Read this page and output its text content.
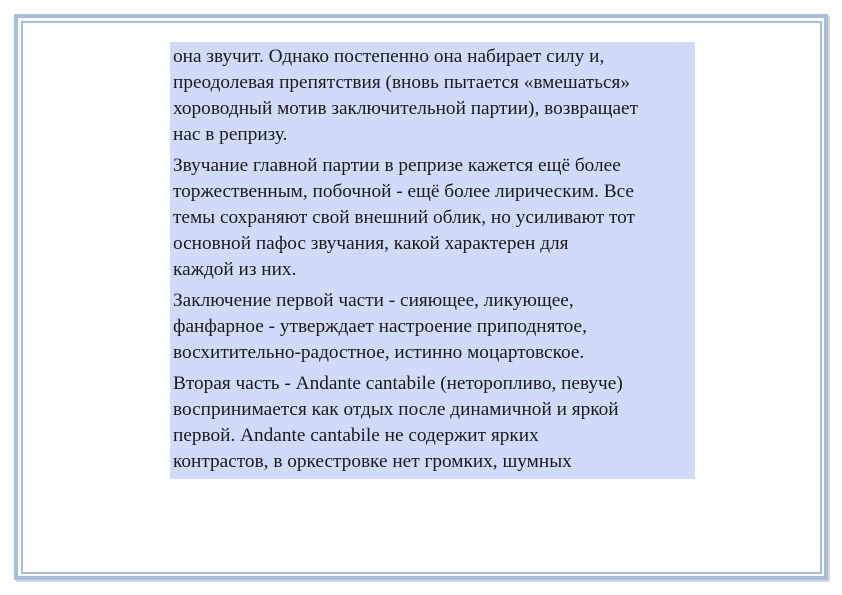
она звучит. Однако постепенно она набирает силу и,
преодолевая препятствия (вновь пытается «вмешаться»
хороводный мотив заключительной партии), возвращает
нас в репризу.

Звучание главной партии в репризе кажется ещё более
торжественным, побочной - ещё более лирическим. Все
темы сохраняют свой внешний облик, но усиливают тот
основной пафос звучания, какой характерен для
каждой из них.

Заключение первой части - сияющее, ликующее,
фанфарное - утверждает настроение приподнятое,
восхитительно-радостное, истинно моцартовское.

Вторая часть - Andante cantabile (неторопливо, певуче)
воспринимается как отдых после динамичной и яркой
первой. Andante cantabile не содержит ярких
контрастов, в оркестровке нет громких, шумных
